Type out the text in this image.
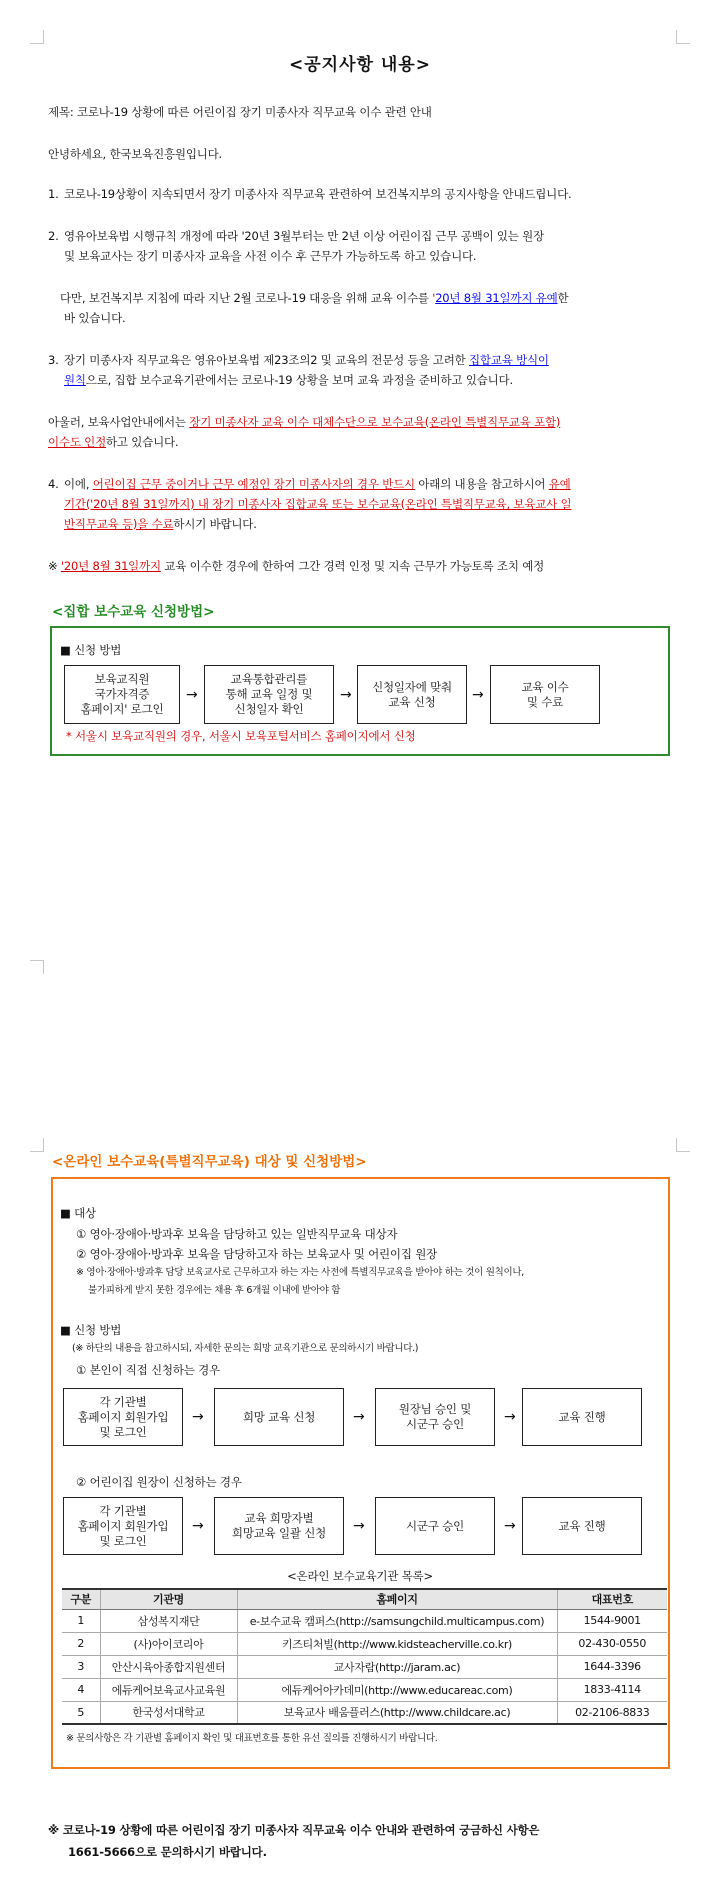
<공지사항 내용>
제목: 코로나-19 상황에 따른 어린이집 장기 미종사자 직무교육 이수 관련 안내
안녕하세요, 한국보육진흥원입니다.
1. 코로나-19상황이 지속되면서 장기 미종사자 직무교육 관련하여 보건복지부의 공지사항을 안내드립니다.
2. 영유아보육법 시행규칙 개정에 따라 '20년 3월부터는 만 2년 이상 어린이집 근무 공백이 있는 원장
및 보육교사는 장기 미종사자 교육을 사전 이수 후 근무가 가능하도록 하고 있습니다.
다만, 보건복지부 지침에 따라 지난 2월 코로나-19 대응을 위해 교육 이수를 '20년 8월 31일까지 유예한
바 있습니다.
3. 장기 미종사자 직무교육은 영유아보육법 제23조의2 및 교육의 전문성 등을 고려한 집합교육 방식이
원칙으로, 집합 보수교육기관에서는 코로나-19 상황을 보며 교육 과정을 준비하고 있습니다.
아울러, 보육사업안내에서는 장기 미종사자 교육 이수 대체수단으로 보수교육(온라인 특별직무교육 포함)
이수도 인정하고 있습니다.
4. 이에, 어린이집 근무 중이거나 근무 예정인 장기 미종사자의 경우 반드시 아래의 내용을 참고하시어 유예
기간('20년 8월 31일까지) 내 장기 미종사자 집합교육 또는 보수교육(온라인 특별직무교육, 보육교사 일
반직무교육 등)을 수료하시기 바랍니다.
※ '20년 8월 31일까지 교육 이수한 경우에 한하여 그간 경력 인정 및 지속 근무가 가능토록 조치 예정
<집합 보수교육 신청방법>
■ 신청 방법
보육교직원
국가자격증
홈페이지' 로그인
→
교육통합관리를
통해 교육 일정 및
신청일자 확인
→
신청일자에 맞춰
교육 신청	→
교육 이수
및 수료
* 서울시 보육교직원의 경우, 서울시 보육포털서비스 홈페이지에서 신청
<온라인 보수교육(특별직무교육) 대상 및 신청방법>
■ 대상
① 영아·장애아·방과후 보육을 담당하고 있는 일반직무교육 대상자
② 영아·장애아·방과후 보육을 담당하고자 하는 보육교사 및 어린이집 원장
※ 영아·장애아·방과후 담당 보육교사로 근무하고자 하는 자는 사전에 특별직무교육을 받아야 하는 것이 원칙이나,
불가피하게 받지 못한 경우에는 채용 후 6개월 이내에 받아야 함
■ 신청 방법
(※ 하단의 내용을 참고하시되, 자세한 문의는 희망 교육기관으로 문의하시기 바랍니다.)
① 본인이 직접 신청하는 경우
각 기관별
홈페이지 회원가입
및 로그인
→	희망 교육 신청	→	원장님 승인 및
시군구 승인	→	교육 진행
② 어린이집 원장이 신청하는 경우
각 기관별
홈페이지 회원가입
및 로그인
→	교육 희망자별
희망교육 일괄 신청	→	시군구 승인	→	교육 진행
<온라인 보수교육기관 목록>
구분	기관명	홈페이지	대표번호
1	삼성복지재단	e-보수교육 캠퍼스(http://samsungchild.multicampus.com)	1544-9001
2	(사)아이코리아	키즈티처빌(http://www.kidsteacherville.co.kr)	02-430-0550
3	안산시육아종합지원센터	교사자람(http://jaram.ac)	1644-3396
4	에듀케어보육교사교육원	에듀케어아카데미(http://www.educareac.com)	1833-4114
5	한국성서대학교	보육교사 배움플러스(http://www.childcare.ac)	02-2106-8833
※ 문의사항은 각 기관별 홈페이지 확인 및 대표번호를 통한 유선 질의를 진행하시기 바랍니다.
※ 코로나-19 상황에 따른 어린이집 장기 미종사자 직무교육 이수 안내와 관련하여 궁금하신 사항은
1661-5666으로 문의하시기 바랍니다.
